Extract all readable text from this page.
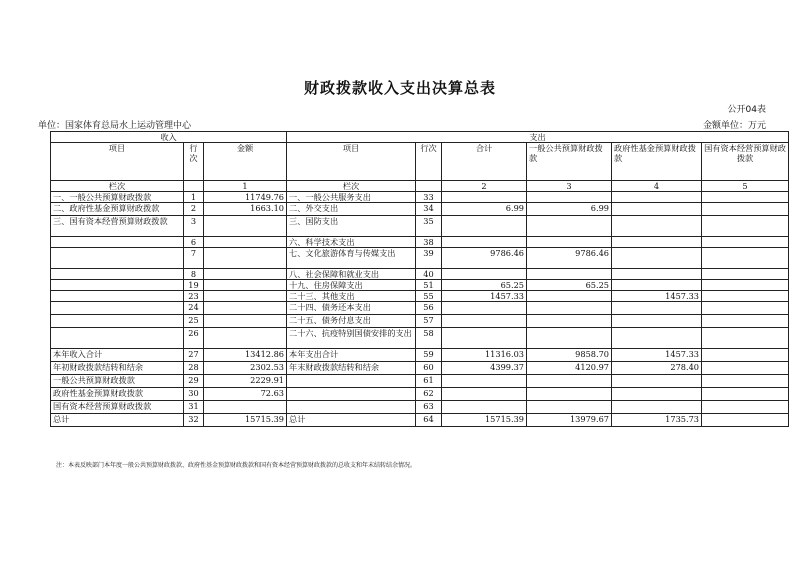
财政拨款收入支出决算总表
公开04表
单位：国家体育总局水上运动管理中心	金额单位：万元
收入			支出					
项目	行次	金额	项目	行次	合计	一般公共预算财政拨款	政府性基金预算财政拨款	国有资本经营预算财政拨款
栏次		1	栏次		2	3	4	5
一、一般公共预算财政拨款	1	11749.76	一、一般公共服务支出	33				
二、政府性基金预算财政拨款	2	1663.10	二、外交支出	34	6.99	6.99		
三、国有资本经营预算财政拨款	3		三、国防支出	35				
	6		六、科学技术支出	38				
	7		七、文化旅游体育与传媒支出	39	9786.46	9786.46		
	8		八、社会保障和就业支出	40				
	19		十九、住房保障支出	51	65.25	65.25		
	23		二十三、其他支出	55	1457.33		1457.33	
	24		二十四、债务还本支出	56				
	25		二十五、债务付息支出	57				
	26		二十六、抗疫特别国债安排的支出	58				
本年收入合计	27	13412.86	本年支出合计	59	11316.03	9858.70	1457.33	
年初财政拨款结转和结余	28	2302.53	年末财政拨款结转和结余	60	4399.37	4120.97	278.40	
一般公共预算财政拨款	29	2229.91		61				
政府性基金预算财政拨款	30	72.63		62				
国有资本经营预算财政拨款	31			63				
总计	32	15715.39	总计	64	15715.39	13979.67	1735.73	
注：本表反映部门本年度一般公共预算财政拨款、政府性基金预算财政拨款和国有资本经营预算财政拨款的总收支和年末结转结余情况。
